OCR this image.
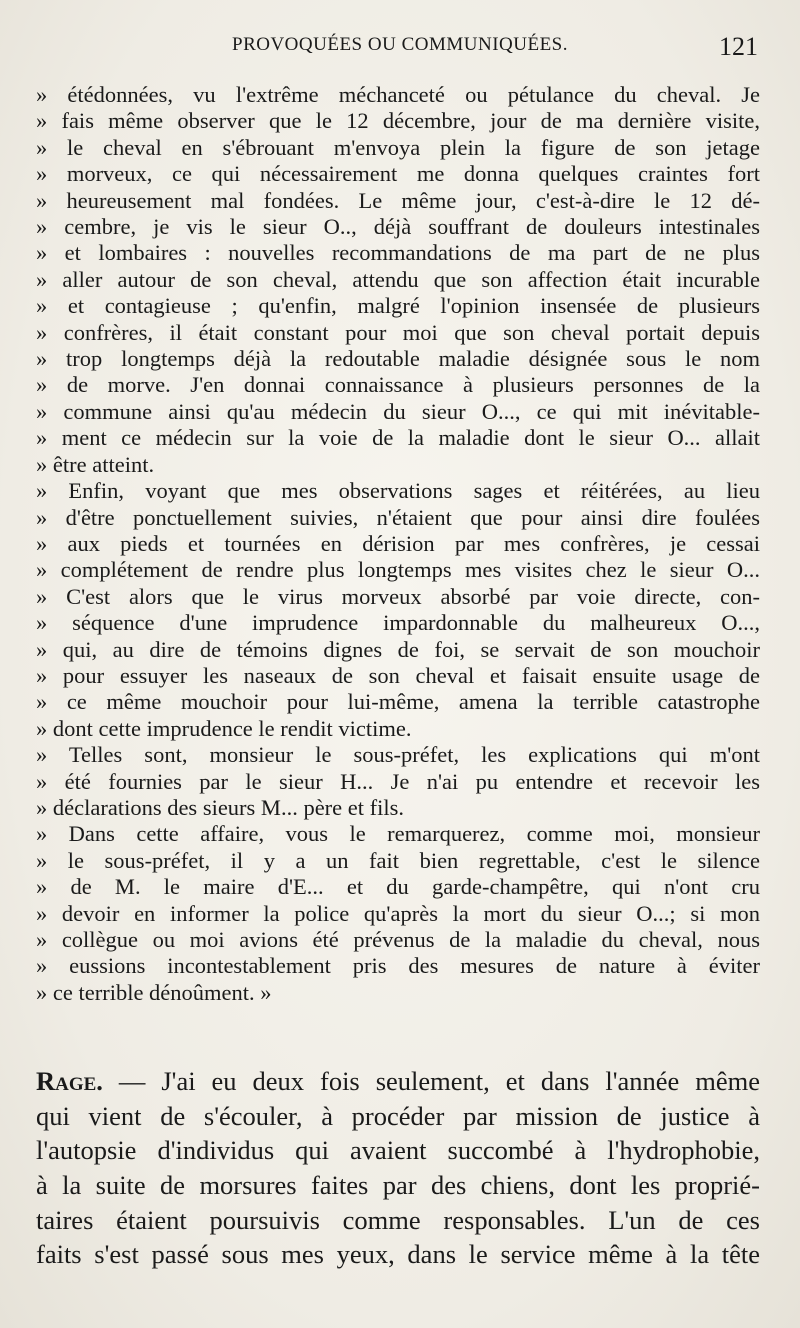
PROVOQUÉES OU COMMUNIQUÉES.	121
» étédonnées, vu l'extrême méchanceté ou pétulance du cheval. Je
» fais même observer que le 12 décembre, jour de ma dernière visite,
» le cheval en s'ébrouant m'envoya plein la figure de son jetage
» morveux, ce qui nécessairement me donna quelques craintes fort
» heureusement mal fondées. Le même jour, c'est-à-dire le 12 dé-
» cembre, je vis le sieur O.., déjà souffrant de douleurs intestinales
» et lombaires : nouvelles recommandations de ma part de ne plus
» aller autour de son cheval, attendu que son affection était incurable
» et contagieuse ; qu'enfin, malgré l'opinion insensée de plusieurs
» confrères, il était constant pour moi que son cheval portait depuis
» trop longtemps déjà la redoutable maladie désignée sous le nom
» de morve. J'en donnai connaissance à plusieurs personnes de la
» commune ainsi qu'au médecin du sieur O..., ce qui mit inévitable-
» ment ce médecin sur la voie de la maladie dont le sieur O... allait
» être atteint.
» Enfin, voyant que mes observations sages et réitérées, au lieu
» d'être ponctuellement suivies, n'étaient que pour ainsi dire foulées
» aux pieds et tournées en dérision par mes confrères, je cessai
» complétement de rendre plus longtemps mes visites chez le sieur O...
» C'est alors que le virus morveux absorbé par voie directe, con-
» séquence d'une imprudence impardonnable du malheureux O...,
» qui, au dire de témoins dignes de foi, se servait de son mouchoir
» pour essuyer les naseaux de son cheval et faisait ensuite usage de
» ce même mouchoir pour lui-même, amena la terrible catastrophe
» dont cette imprudence le rendit victime.
» Telles sont, monsieur le sous-préfet, les explications qui m'ont
» été fournies par le sieur H... Je n'ai pu entendre et recevoir les
» déclarations des sieurs M... père et fils.
» Dans cette affaire, vous le remarquerez, comme moi, monsieur
» le sous-préfet, il y a un fait bien regrettable, c'est le silence
» de M. le maire d'E... et du garde-champêtre, qui n'ont cru
» devoir en informer la police qu'après la mort du sieur O...; si mon
» collègue ou moi avions été prévenus de la maladie du cheval, nous
» eussions incontestablement pris des mesures de nature à éviter
» ce terrible dénoûment. »
Rage. — J'ai eu deux fois seulement, et dans l'année même
qui vient de s'écouler, à procéder par mission de justice à
l'autopsie d'individus qui avaient succombé à l'hydrophobie,
à la suite de morsures faites par des chiens, dont les proprié-
taires étaient poursuivis comme responsables. L'un de ces
faits s'est passé sous mes yeux, dans le service même à la tête
